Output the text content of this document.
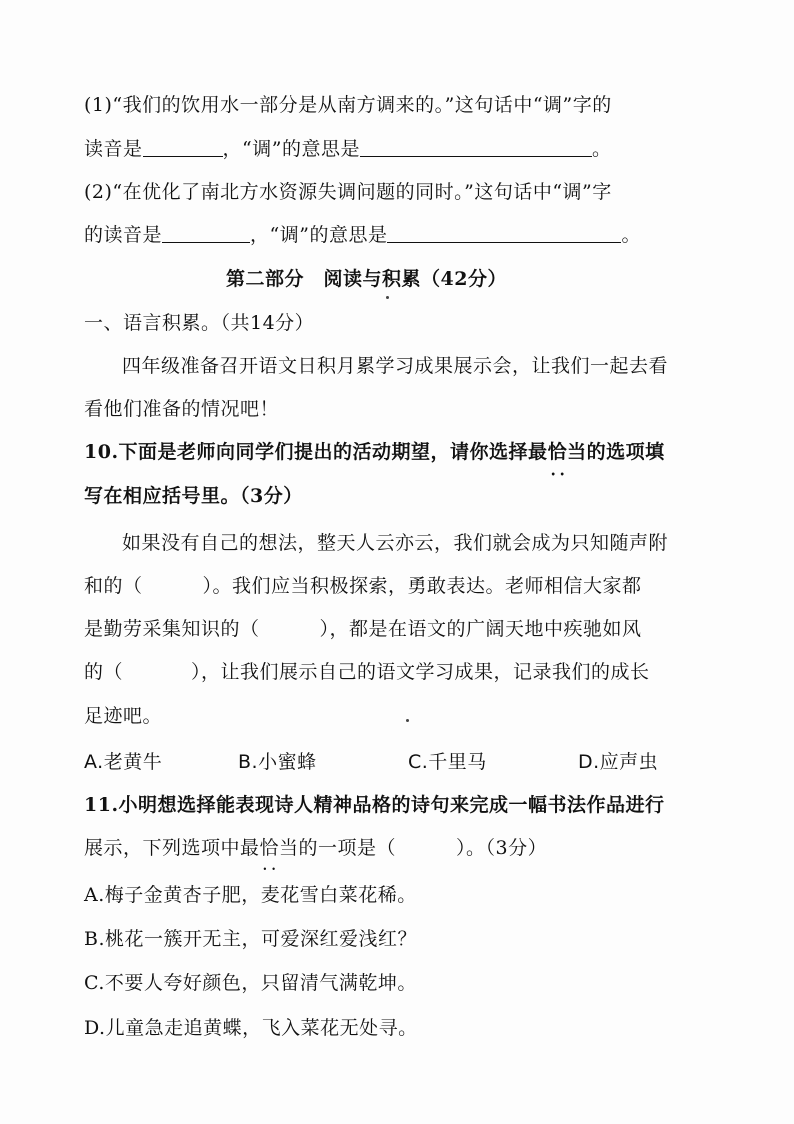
(1)“我们的饮用水一部分是从南方调来的。”这句话中“调”字的
读音是	，“调”的意思是	。
(2)“在优化了南北方水资源失调问题的同时。”这句话中“调”字
的读音是	，“调”的意思是	。
第二部分　阅读与积累（42分）
一、语言积累。（共14分）
四年级准备召开语文日积月累学习成果展示会，让我们一起去看
看他们准备的情况吧！
10.下面是老师向同学们提出的活动期望，请你选择最恰当 • •的选项填
写在相应括号里。（3分）
如果没有自己的想法，整天人云亦云，我们就会成为只知随声附
和的（	）。我们应当积极探索，勇敢表达。老师相信大家都
是勤劳采集知识的（	），都是在语文的广阔天地中疾驰如风
的（	），让我们展示自己的语文学习成果，记录我们的成长
足迹吧。
A.老黄牛	B.小蜜蜂	C.千里马	D.应声虫
11.小明想选择能表现诗人精神品格的诗句来完成一幅书法作品进行
展示，下列选项中最恰当 • •的一项是（	）。（3分）
A.梅子金黄杏子肥，麦花雪白菜花稀。
B.桃花一簇开无主，可爱深红爱浅红？
C.不要人夸好颜色，只留清气满乾坤。
D.儿童急走追黄蝶，飞入菜花无处寻。
